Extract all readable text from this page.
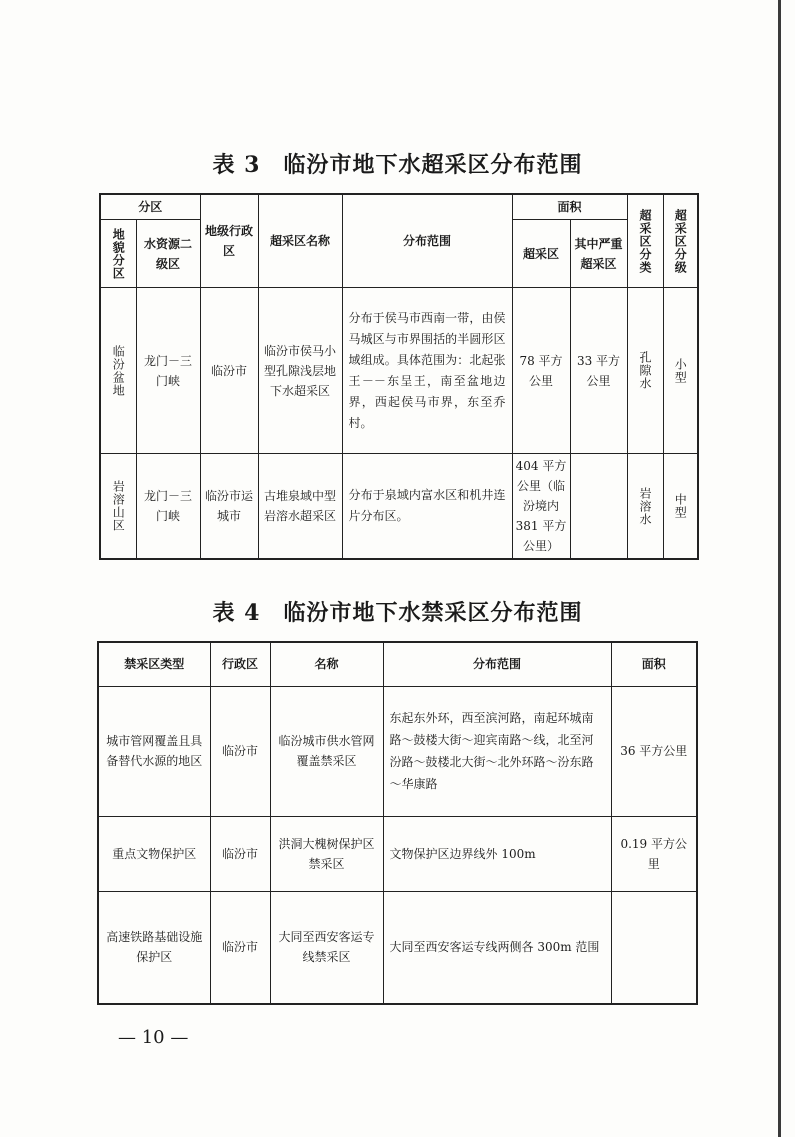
表 3　临汾市地下水超采区分布范围
分区		地级行政区	超采区名称	分布范围	面积		超采区分类	超采区分级

地貌分区	水资源二级区				超采区	其中严重超采区		

临汾盆地	龙门－三门峡	临汾市	临汾市侯马小型孔隙浅层地下水超采区	分布于侯马市西南一带，由侯马城区与市界围括的半圆形区域组成。具体范围为：北起张王－－东呈王，南至盆地边界，西起侯马市界，东至乔村。	78 平方公里	33 平方公里	孔隙水	小型

岩溶山区	龙门－三门峡	临汾市运城市	古堆泉域中型岩溶水超采区	分布于泉域内富水区和机井连片分布区。	404 平方公里（临汾境内 381 平方公里）		岩溶水	中型
表 4　临汾市地下水禁采区分布范围
禁采区类型	行政区	名称	分布范围	面积
城市管网覆盖且具备替代水源的地区	临汾市	临汾城市供水管网覆盖禁采区	东起东外环，西至滨河路，南起环城南路～鼓楼大街～迎宾南路～线，北至河汾路～鼓楼北大街～北外环路～汾东路～华康路	36 平方公里
重点文物保护区	临汾市	洪洞大槐树保护区禁采区	文物保护区边界线外 100m	0.19 平方公里
高速铁路基础设施保护区	临汾市	大同至西安客运专线禁采区	大同至西安客运专线两侧各 300m 范围	
— 10 —
